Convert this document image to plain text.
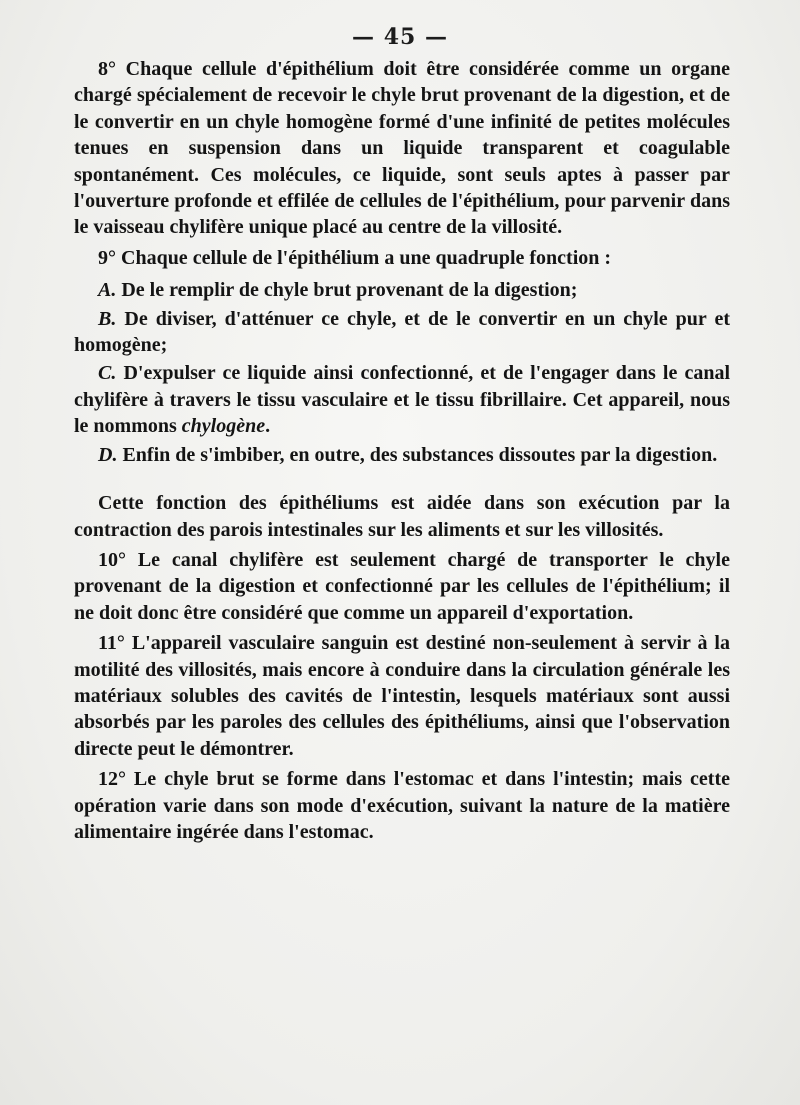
— 45 —

8° Chaque cellule d'épithélium doit être considérée comme un organe chargé spécialement de recevoir le chyle brut provenant de la digestion, et de le convertir en un chyle homogène formé d'une infinité de petites molécules tenues en suspension dans un liquide transparent et coagulable spontanément. Ces molécules, ce liquide, sont seuls aptes à passer par l'ouverture profonde et effilée de cellules de l'épithélium, pour parvenir dans le vaisseau chylifère unique placé au centre de la villosité.

9° Chaque cellule de l'épithélium a une quadruple fonction :

A. De le remplir de chyle brut provenant de la digestion;

B. De diviser, d'atténuer ce chyle, et de le convertir en un chyle pur et homogène;

C. D'expulser ce liquide ainsi confectionné, et de l'engager dans le canal chylifère à travers le tissu vasculaire et le tissu fibrillaire. Cet appareil, nous le nommons chylogène.

D. Enfin de s'imbiber, en outre, des substances dissoutes par la digestion.

Cette fonction des épithéliums est aidée dans son exécution par la contraction des parois intestinales sur les aliments et sur les villosités.

10° Le canal chylifère est seulement chargé de transporter le chyle provenant de la digestion et confectionné par les cellules de l'épithélium; il ne doit donc être considéré que comme un appareil d'exportation.

11° L'appareil vasculaire sanguin est destiné non-seulement à servir à la motilité des villosités, mais encore à conduire dans la circulation générale les matériaux solubles des cavités de l'intestin, lesquels matériaux sont aussi absorbés par les paroles des cellules des épithéliums, ainsi que l'observation directe peut le démontrer.

12° Le chyle brut se forme dans l'estomac et dans l'intestin; mais cette opération varie dans son mode d'exécution, suivant la nature de la matière alimentaire ingérée dans l'estomac.
